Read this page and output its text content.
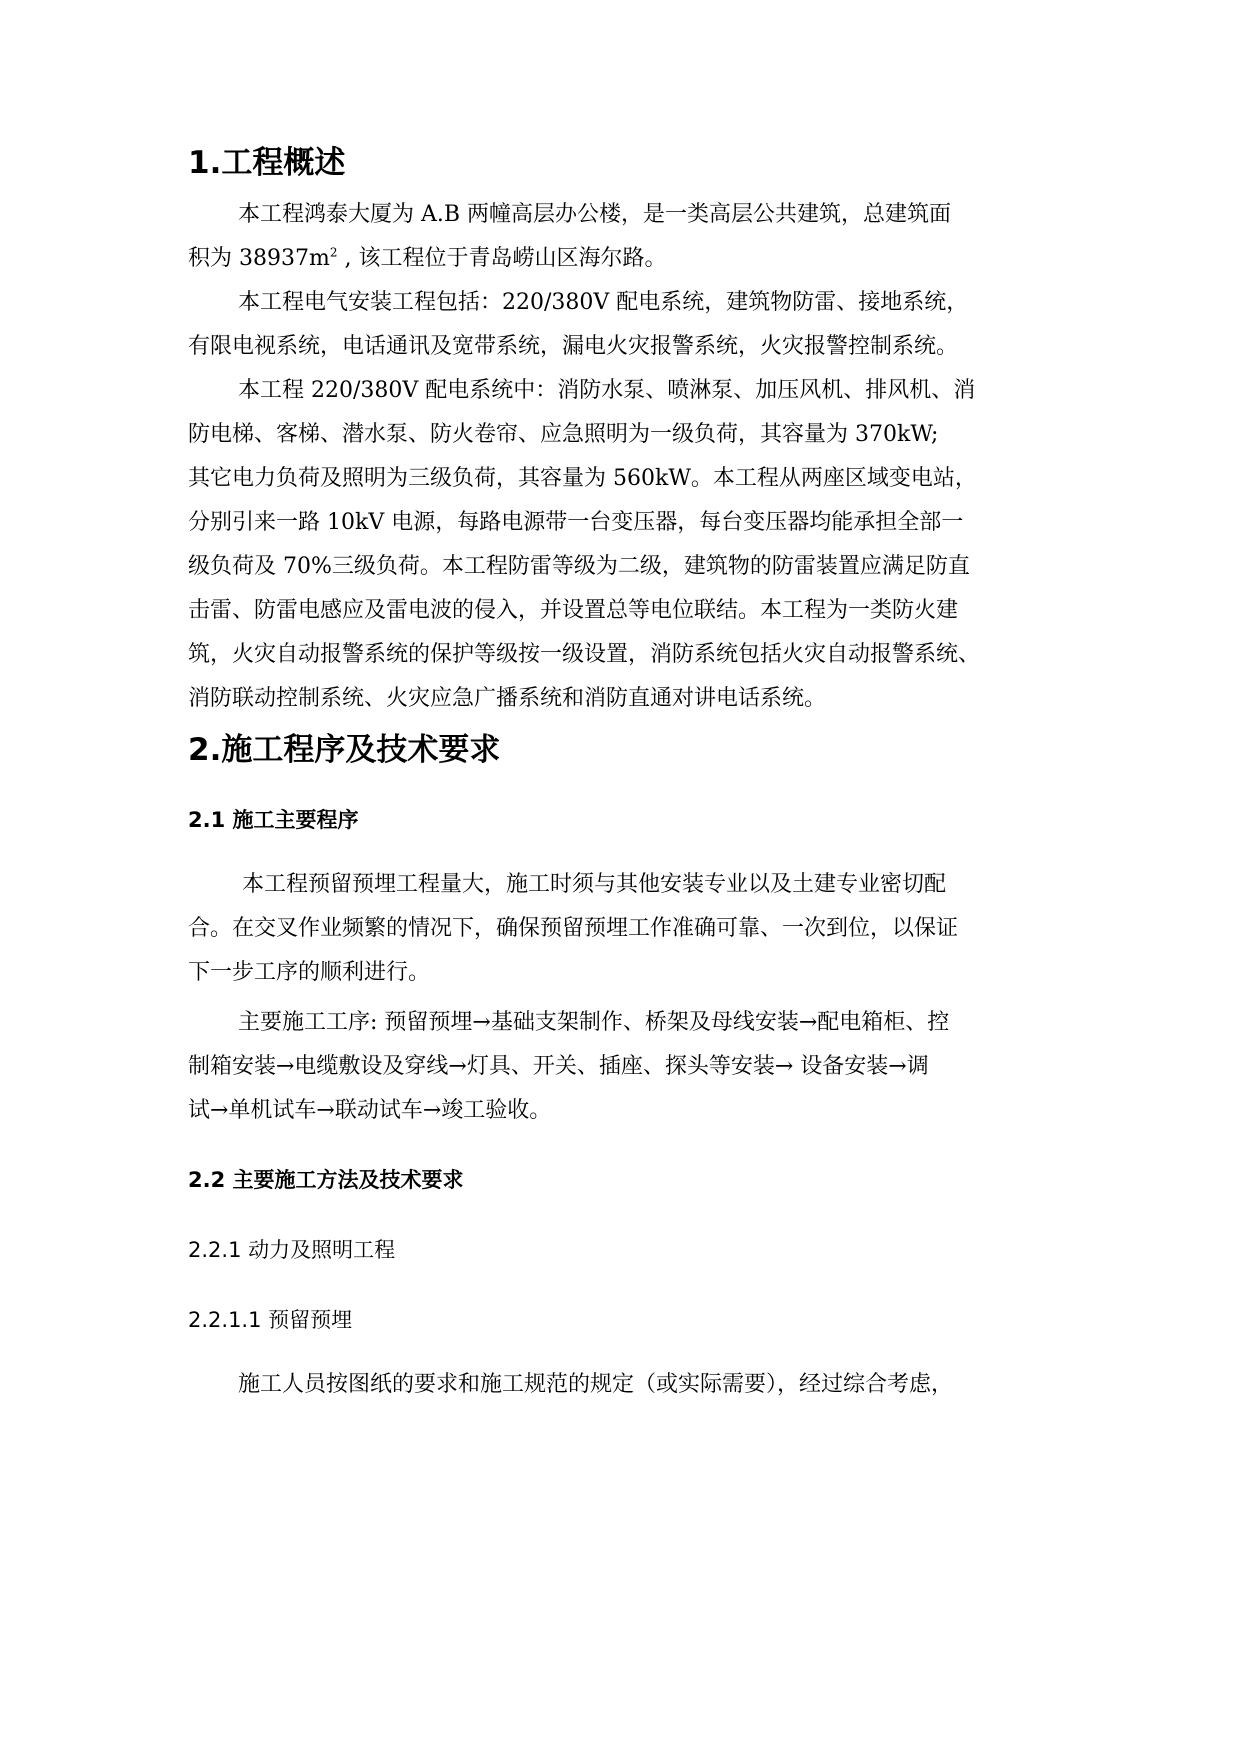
1.工程概述
本工程鸿泰大厦为 A.B 两幢高层办公楼，是一类高层公共建筑，总建筑面
积为 $38937m^2$ , 该工程位于青岛崂山区海尔路。
本工程电气安装工程包括：220/380V 配电系统，建筑物防雷、接地系统，
有限电视系统，电话通讯及宽带系统，漏电火灾报警系统，火灾报警控制系统。
本工程 220/380V 配电系统中：消防水泵、喷淋泵、加压风机、排风机、消
防电梯、客梯、潜水泵、防火卷帘、应急照明为一级负荷，其容量为 370kW;
其它电力负荷及照明为三级负荷，其容量为 560kW。本工程从两座区域变电站，
分别引来一路 10kV 电源，每路电源带一台变压器，每台变压器均能承担全部一
级负荷及 70%三级负荷。本工程防雷等级为二级，建筑物的防雷装置应满足防直
击雷、防雷电感应及雷电波的侵入，并设置总等电位联结。本工程为一类防火建
筑，火灾自动报警系统的保护等级按一级设置，消防系统包括火灾自动报警系统、
消防联动控制系统、火灾应急广播系统和消防直通对讲电话系统。
2.施工程序及技术要求
2.1 施工主要程序
本工程预留预埋工程量大，施工时须与其他安装专业以及土建专业密切配
合。在交叉作业频繁的情况下，确保预留预埋工作准确可靠、一次到位，以保证
下一步工序的顺利进行。
主要施工工序: 预留预埋→基础支架制作、桥架及母线安装→配电箱柜、控
制箱安装→电缆敷设及穿线→灯具、开关、插座、探头等安装→ 设备安装→调
试→单机试车→联动试车→竣工验收。
2.2 主要施工方法及技术要求
2.2.1 动力及照明工程
2.2.1.1 预留预埋
施工人员按图纸的要求和施工规范的规定（或实际需要），经过综合考虑，
